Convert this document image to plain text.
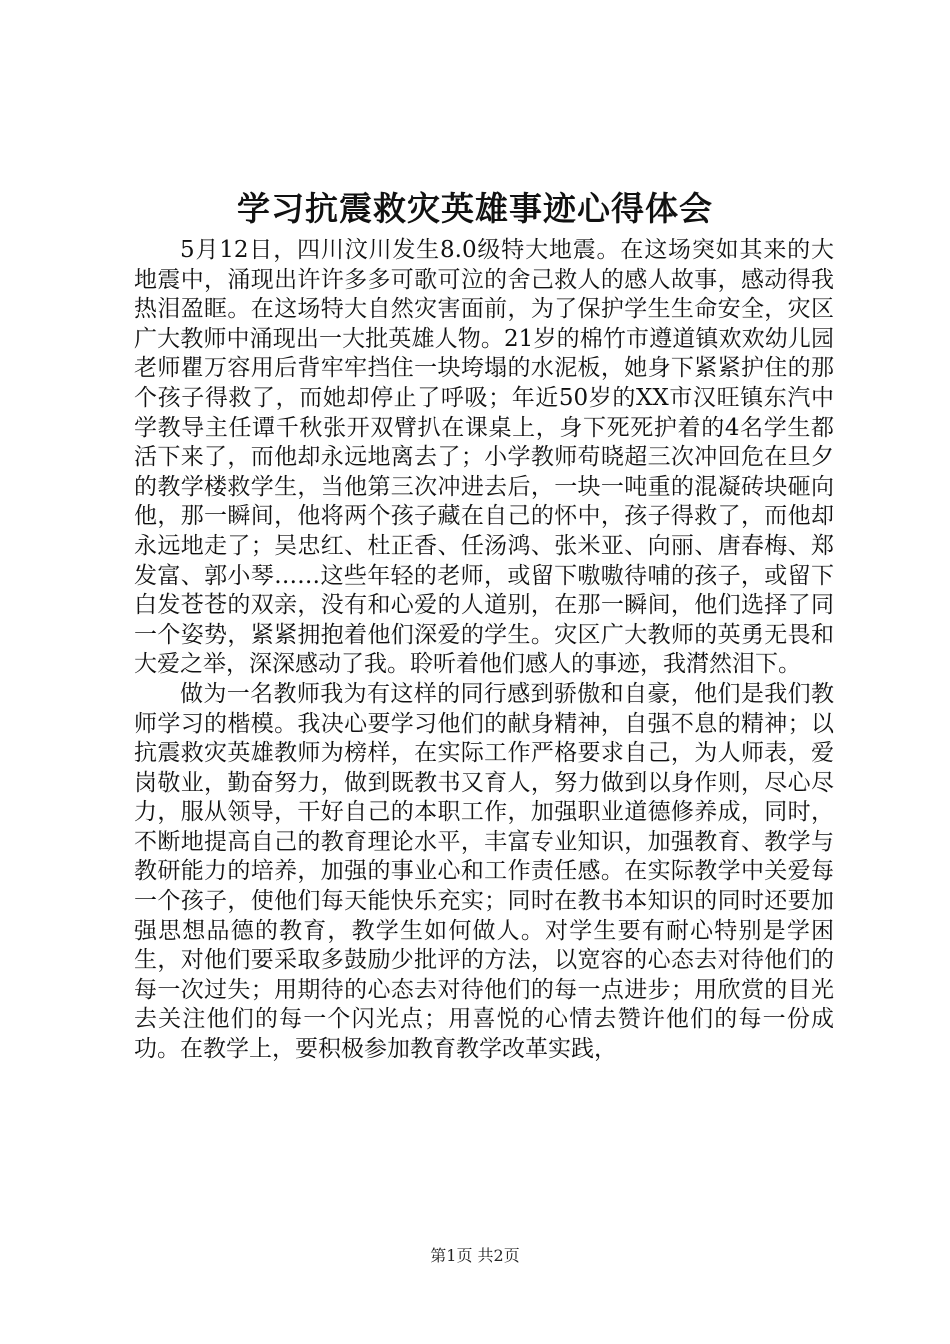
学习抗震救灾英雄事迹心得体会

5月12日，四川汶川发生8.0级特大地震。在这场突如其来的大地震中，涌现出许许多多可歌可泣的舍己救人的感人故事，感动得我热泪盈眶。在这场特大自然灾害面前，为了保护学生生命安全，灾区广大教师中涌现出一大批英雄人物。21岁的棉竹市遵道镇欢欢幼儿园老师瞿万容用后背牢牢挡住一块垮塌的水泥板，她身下紧紧护住的那个孩子得救了，而她却停止了呼吸；年近50岁的XX市汉旺镇东汽中学教导主任谭千秋张开双臂扒在课桌上，身下死死护着的4名学生都活下来了，而他却永远地离去了；小学教师苟晓超三次冲回危在旦夕的教学楼救学生，当他第三次冲进去后，一块一吨重的混凝砖块砸向他，那一瞬间，他将两个孩子藏在自己的怀中，孩子得救了，而他却永远地走了；吴忠红、杜正香、任汤鸿、张米亚、向丽、唐春梅、郑发富、郭小琴……这些年轻的老师，或留下嗷嗷待哺的孩子，或留下白发苍苍的双亲，没有和心爱的人道别，在那一瞬间，他们选择了同一个姿势，紧紧拥抱着他们深爱的学生。灾区广大教师的英勇无畏和大爱之举，深深感动了我。聆听着他们感人的事迹，我潸然泪下。

做为一名教师我为有这样的同行感到骄傲和自豪，他们是我们教师学习的楷模。我决心要学习他们的献身精神，自强不息的精神；以抗震救灾英雄教师为榜样，在实际工作严格要求自己，为人师表，爱岗敬业，勤奋努力，做到既教书又育人，努力做到以身作则，尽心尽力，服从领导，干好自己的本职工作，加强职业道德修养成，同时，不断地提高自己的教育理论水平，丰富专业知识，加强教育、教学与教研能力的培养，加强的事业心和工作责任感。在实际教学中关爱每一个孩子，使他们每天能快乐充实；同时在教书本知识的同时还要加强思想品德的教育，教学生如何做人。对学生要有耐心特别是学困生，对他们要采取多鼓励少批评的方法，以宽容的心态去对待他们的每一次过失；用期待的心态去对待他们的每一点进步；用欣赏的目光去关注他们的每一个闪光点；用喜悦的心情去赞许他们的每一份成功。在教学上，要积极参加教育教学改革实践，

第1页 共2页
